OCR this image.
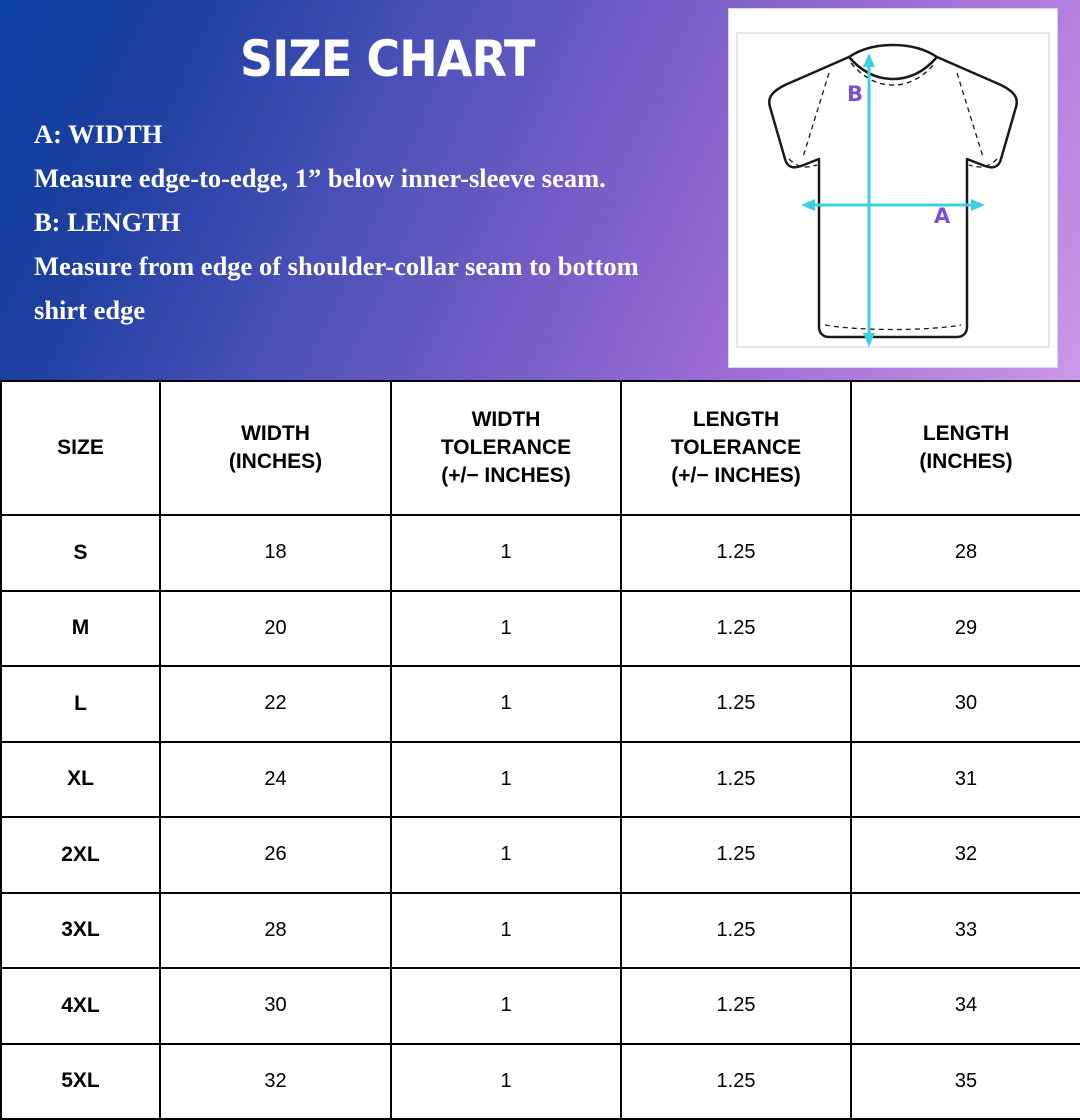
SIZE CHART
A: WIDTH
Measure edge-to-edge, 1” below inner-sleeve seam.
B: LENGTH
Measure from edge of shoulder-collar seam to bottom shirt edge
A
B
SIZE

WIDTH
(INCHES)

WIDTH
TOLERANCE
(+/− INCHES)

LENGTH
TOLERANCE
(+/− INCHES)

LENGTH
(INCHES)

S	18	1	1.25	28
M	20	1	1.25	29
L	22	1	1.25	30
XL	24	1	1.25	31
2XL	26	1	1.25	32
3XL	28	1	1.25	33
4XL	30	1	1.25	34
5XL	32	1	1.25	35
